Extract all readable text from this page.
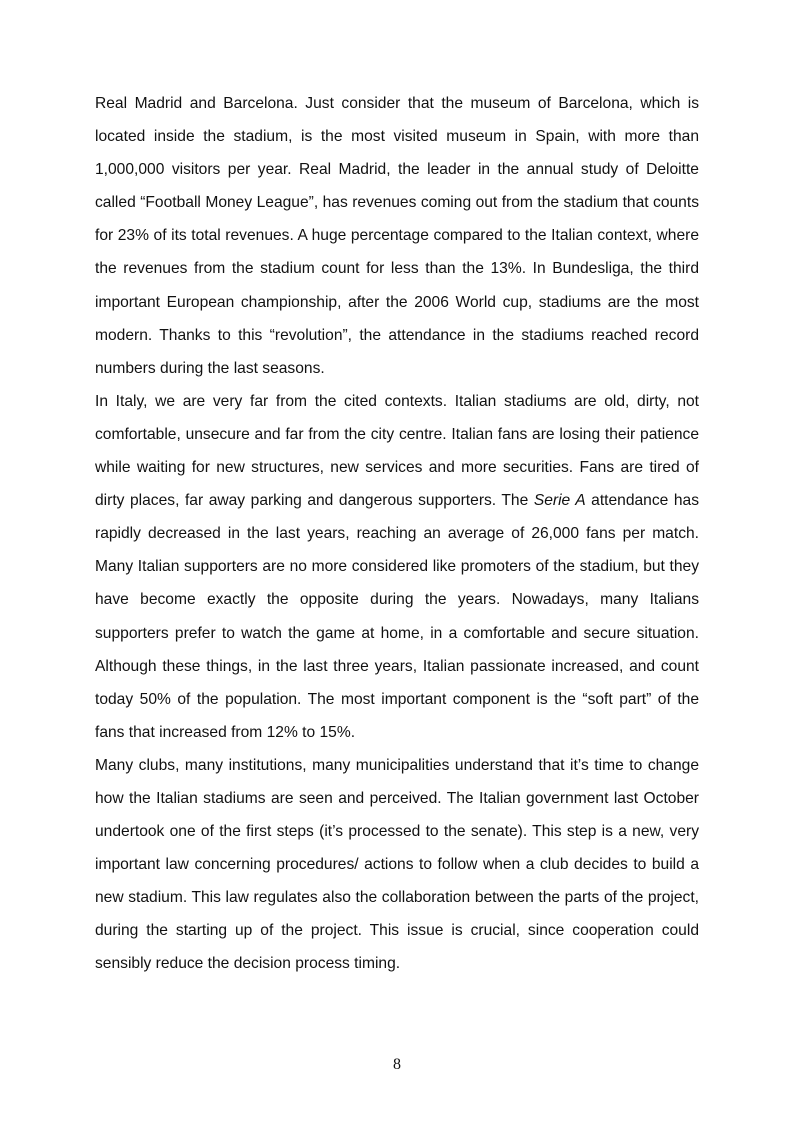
Real Madrid and Barcelona. Just consider that the museum of Barcelona, which is located inside the stadium, is the most visited museum in Spain, with more than 1,000,000 visitors per year. Real Madrid, the leader in the annual study of Deloitte called “Football Money League”, has revenues coming out from the stadium that counts for 23% of its total revenues. A huge percentage compared to the Italian context, where the revenues from the stadium count for less than the 13%. In Bundesliga, the third important European championship, after the 2006 World cup, stadiums are the most modern. Thanks to this “revolution”, the attendance in the stadiums reached record numbers during the last seasons.

In Italy, we are very far from the cited contexts. Italian stadiums are old, dirty, not comfortable, unsecure and far from the city centre. Italian fans are losing their patience while waiting for new structures, new services and more securities. Fans are tired of dirty places, far away parking and dangerous supporters. The Serie A attendance has rapidly decreased in the last years, reaching an average of 26,000 fans per match. Many Italian supporters are no more considered like promoters of the stadium, but they have become exactly the opposite during the years. Nowadays, many Italians supporters prefer to watch the game at home, in a comfortable and secure situation. Although these things, in the last three years, Italian passionate increased, and count today 50% of the population. The most important component is the “soft part” of the fans that increased from 12% to 15%.

Many clubs, many institutions, many municipalities understand that it’s time to change how the Italian stadiums are seen and perceived. The Italian government last October undertook one of the first steps (it’s processed to the senate). This step is a new, very important law concerning procedures/ actions to follow when a club decides to build a new stadium. This law regulates also the collaboration between the parts of the project, during the starting up of the project. This issue is crucial, since cooperation could sensibly reduce the decision process timing.

8
